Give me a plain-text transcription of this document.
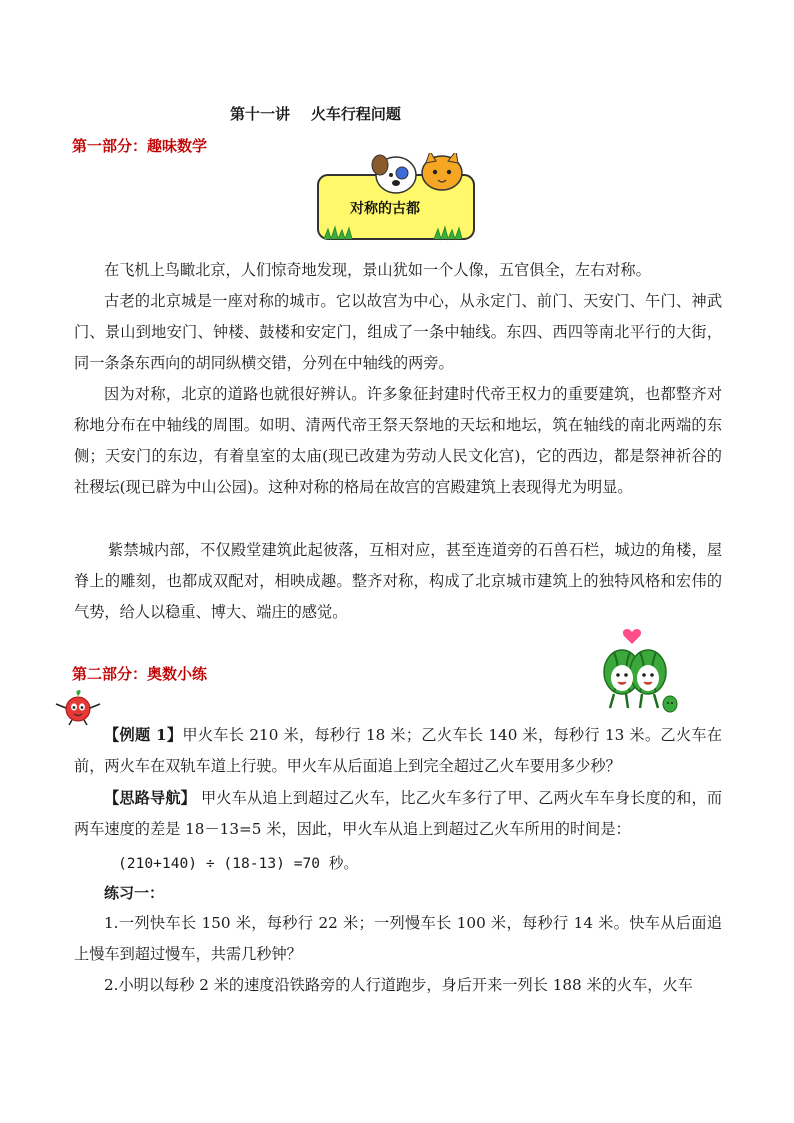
第十一讲    火车行程问题
第一部分：趣味数学
对称的古都

在飞机上鸟瞰北京，人们惊奇地发现，景山犹如一个人像，五官俱全，左右对称。

古老的北京城是一座对称的城市。它以故宫为中心，从永定门、前门、天安门、午门、神武门、景山到地安门、钟楼、鼓楼和安定门，组成了一条中轴线。东四、西四等南北平行的大街，同一条条东西向的胡同纵横交错，分列在中轴线的两旁。

因为对称，北京的道路也就很好辨认。许多象征封建时代帝王权力的重要建筑，也都整齐对称地分布在中轴线的周围。如明、清两代帝王祭天祭地的天坛和地坛，筑在轴线的南北两端的东侧；天安门的东边，有着皇室的太庙(现已改建为劳动人民文化宫)，它的西边，都是祭神祈谷的社稷坛(现已辟为中山公园)。这种对称的格局在故宫的宫殿建筑上表现得尤为明显。

紫禁城内部，不仅殿堂建筑此起彼落，互相对应，甚至连道旁的石兽石栏，城边的角楼，屋脊上的雕刻，也都成双配对，相映成趣。整齐对称，构成了北京城市建筑上的独特风格和宏伟的气势，给人以稳重、博大、端庄的感觉。

第二部分：奥数小练

【例题 1】甲火车长 210 米，每秒行 18 米；乙火车长 140 米，每秒行 13 米。乙火车在前，两火车在双轨车道上行驶。甲火车从后面追上到完全超过乙火车要用多少秒？

【思路导航】 甲火车从追上到超过乙火车，比乙火车多行了甲、乙两火车车身长度的和，而两车速度的差是 18－13=5 米，因此，甲火车从追上到超过乙火车所用的时间是：

(210+140) ÷ (18-13) =70 秒。
练习一：

1.一列快车长 150 米，每秒行 22 米；一列慢车长 100 米，每秒行 14 米。快车从后面追上慢车到超过慢车，共需几秒钟？

2.小明以每秒 2 米的速度沿铁路旁的人行道跑步，身后开来一列长 188 米的火车，火车
